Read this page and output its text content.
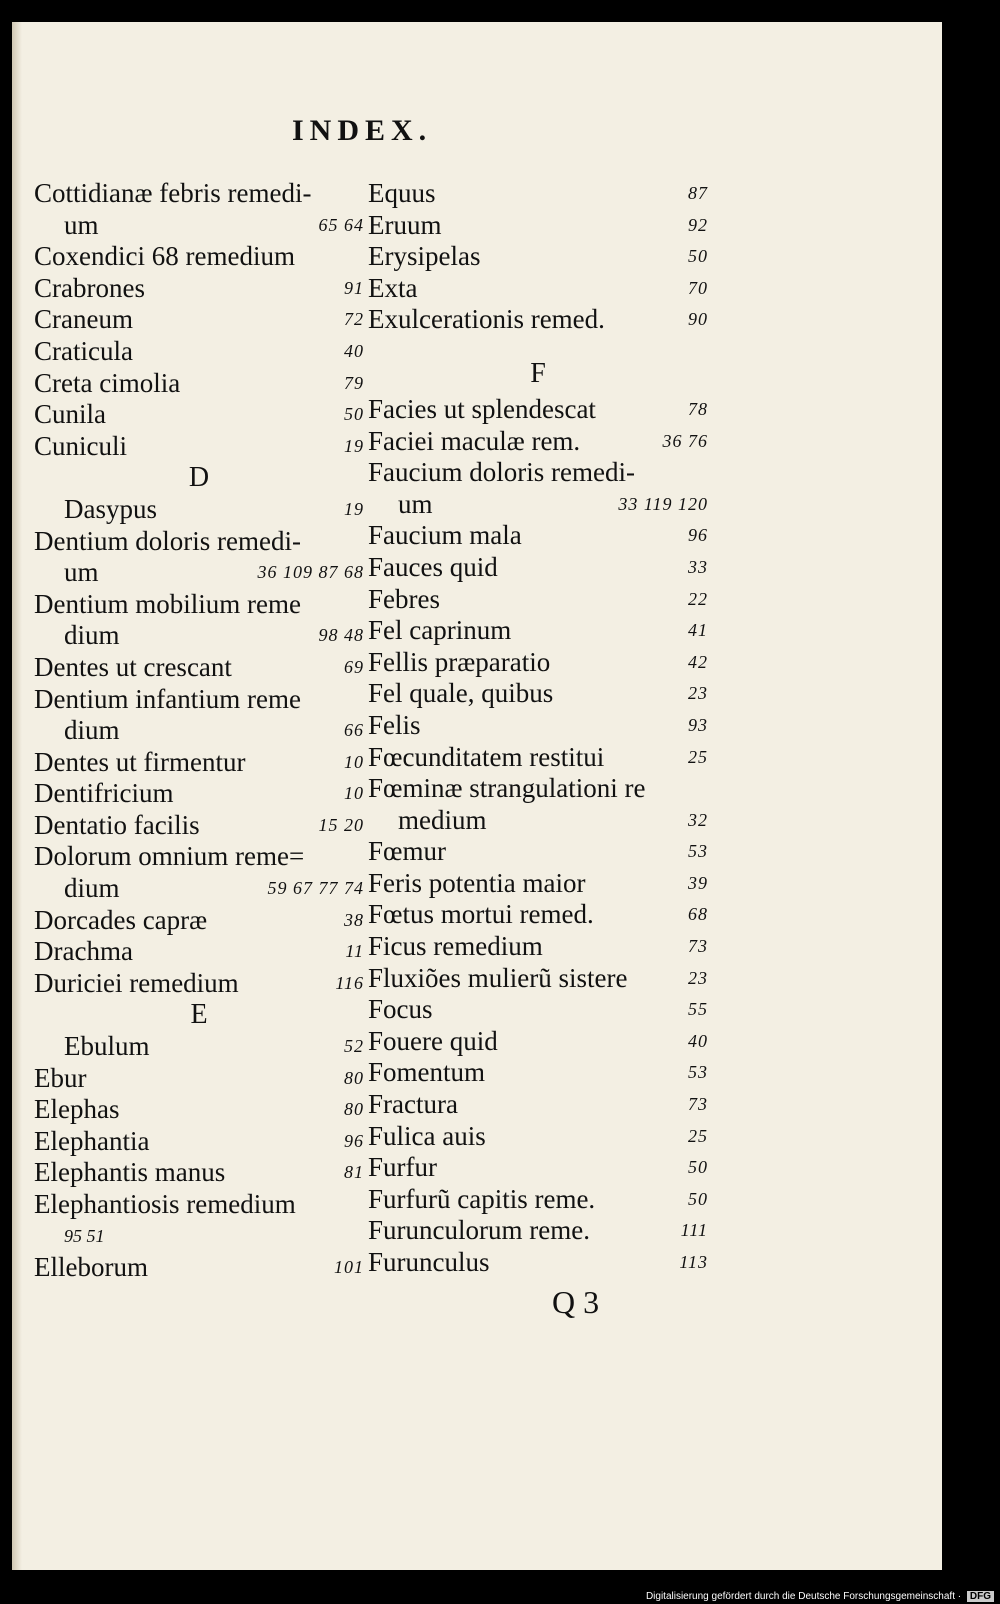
INDEX.
Cottidianæ febris remedi-
um	65 64
Coxendici 68 remedium
Crabrones	91
Craneum	72
Craticula	40
Creta cimolia	79
Cunila	50
Cuniculi	19
D
Dasypus	19
Dentium doloris remedi-
um	36 109 87 68
Dentium mobilium reme
dium	98 48
Dentes ut crescant	69
Dentium infantium reme
dium	66
Dentes ut firmentur	10
Dentifricium	10
Dentatio facilis	15 20
Dolorum omnium reme=
dium	59 67 77 74
Dorcades capræ	38
Drachma	11
Duriciei remedium	116
E
Ebulum	52
Ebur	80
Elephas	80
Elephantia	96
Elephantis manus	81
Elephantiosis remedium
95 51
Elleborum	101
Equus	87
Eruum	92
Erysipelas	50
Exta	70
Exulcerationis remed.	90
F
Facies ut splendescat	78
Faciei maculæ rem.	36 76
Faucium doloris remedi-
um	33 119 120
Faucium mala	96
Fauces quid	33
Febres	22
Fel caprinum	41
Fellis præparatio	42
Fel quale, quibus	23
Felis	93
Fœcunditatem restitui	25
Fœminæ strangulationi re
medium	32
Fœmur	53
Feris potentia maior	39
Fœtus mortui remed.	68
Ficus remedium	73
Fluxiões mulierũ sistere	23
Focus	55
Fouere quid	40
Fomentum	53
Fractura	73
Fulica auis	25
Furfur	50
Furfurũ capitis reme.	50
Furunculorum reme.	111
Furunculus	113
Q 3
Digitalisierung gefördert durch die Deutsche Forschungsgemeinschaft · DFG
